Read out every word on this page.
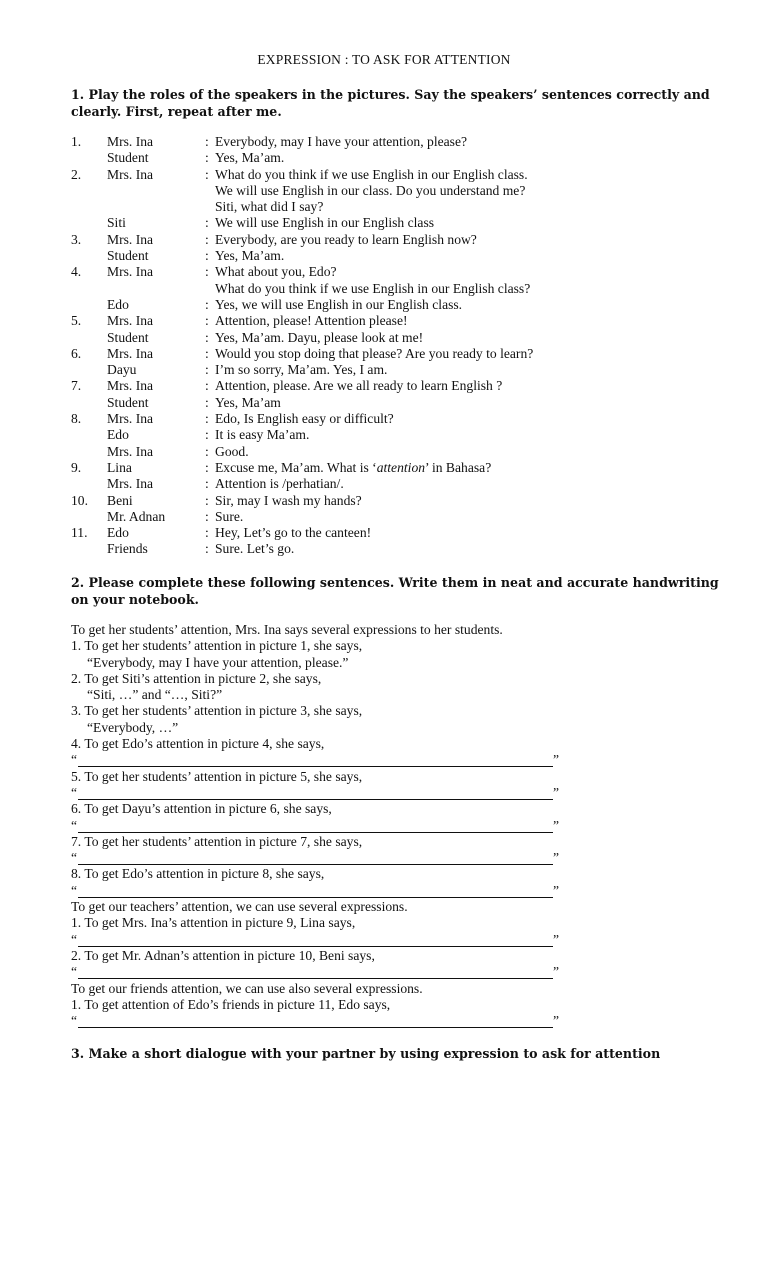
EXPRESSION : TO ASK FOR ATTENTION
1. Play the roles of the speakers in the pictures. Say the speakers’ sentences correctly and clearly. First, repeat after me.
1. Mrs. Ina	: Everybody, may I have your attention, please?
Student	: Yes, Ma’am.
2. Mrs. Ina	: What do you think if we use English in our English class.
We will use English in our class. Do you understand me?
Siti, what did I say?
Siti	: We will use English in our English class
3. Mrs. Ina	: Everybody, are you ready to learn English now?
Student	: Yes, Ma’am.
4. Mrs. Ina	: What about you, Edo?
What do you think if we use English in our English class?
Edo	: Yes, we will use English in our English class.
5. Mrs. Ina	: Attention, please! Attention please!
Student	: Yes, Ma’am. Dayu, please look at me!
6. Mrs. Ina	: Would you stop doing that please? Are you ready to learn?
Dayu	: I’m so sorry, Ma’am. Yes, I am.
7. Mrs. Ina	: Attention, please. Are we all ready to learn English ?
Student	: Yes, Ma’am
8. Mrs. Ina	: Edo, Is English easy or difficult?
Edo	: It is easy Ma’am.
Mrs. Ina	: Good.
9. Lina	: Excuse me, Ma’am. What is ‘attention’ in Bahasa?
Mrs. Ina	: Attention is /perhatian/.
10. Beni	: Sir, may I wash my hands?
Mr. Adnan	: Sure.
11. Edo	: Hey, Let’s go to the canteen!
Friends	: Sure. Let’s go.
2. Please complete these following sentences. Write them in neat and accurate handwriting on your notebook.
To get her students’ attention, Mrs. Ina says several expressions to her students.
1. To get her students’ attention in picture 1, she says,
“Everybody, may I have your attention, please.”
2. To get Siti’s attention in picture 2, she says,
“Siti, …” and “…, Siti?”
3. To get her students’ attention in picture 3, she says,
“Everybody, …”
4. To get Edo’s attention in picture 4, she says,
“	”
5. To get her students’ attention in picture 5, she says,
“	”
6. To get Dayu’s attention in picture 6, she says,
“	”
7. To get her students’ attention in picture 7, she says,
“	”
8. To get Edo’s attention in picture 8, she says,
“	”
To get our teachers’ attention, we can use several expressions.
1. To get Mrs. Ina’s attention in picture 9, Lina says,
“	”
2. To get Mr. Adnan’s attention in picture 10, Beni says,
“	”
To get our friends attention, we can use also several expressions.
1. To get attention of Edo’s friends in picture 11, Edo says,
“	”
3. Make a short dialogue with your partner by using expression to ask for attention
